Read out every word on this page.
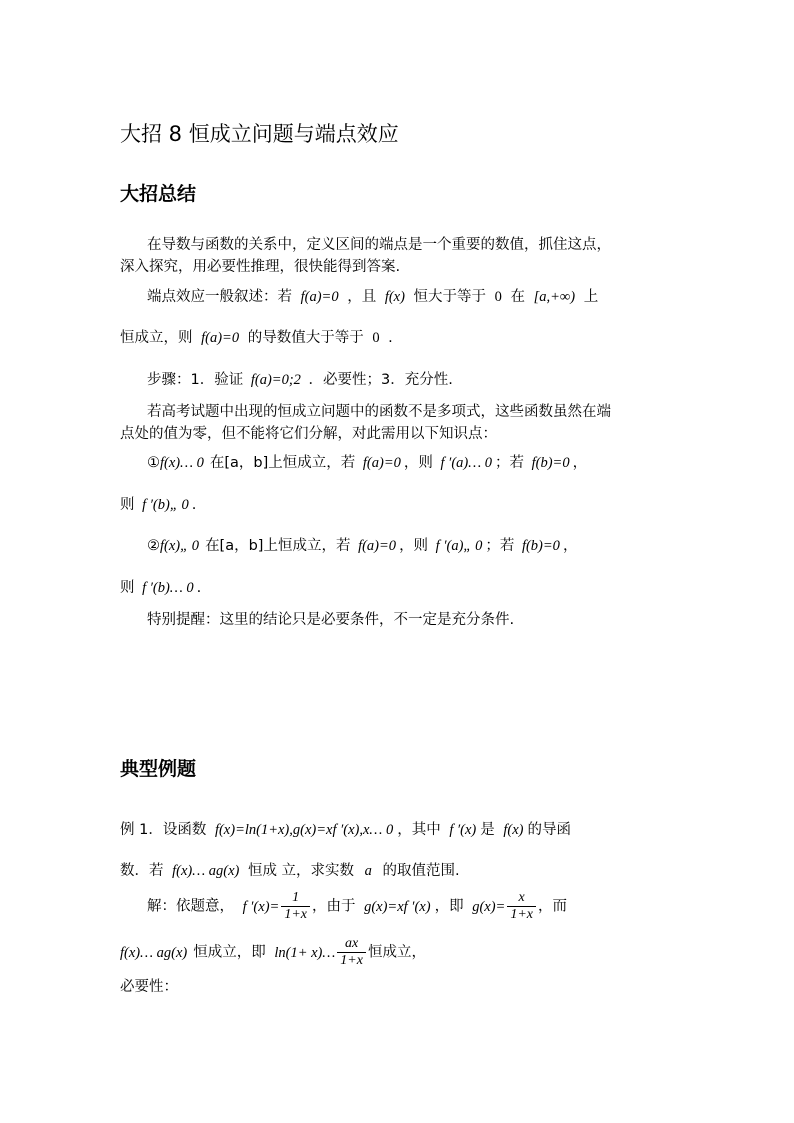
大招 8 恒成立问题与端点效应
大招总结
在导数与函数的关系中，定义区间的端点是一个重要的数值，抓住这点，
深入探究，用必要性推理，很快能得到答案.
端点效应一般叙述：若 f(a)=0 ，且 f(x) 恒大于等于 0 在 [a,+∞) 上
恒成立，则 f(a)=0 的导数值大于等于 0 .
步骤：1．验证 f(a)=0;2 ．必要性；3．充分性.
若高考试题中出现的恒成立问题中的函数不是多项式，这些函数虽然在端
点处的值为零，但不能将它们分解，对此需用以下知识点：
①f(x)… 0 在[a，b]上恒成立，若 f(a)=0 ，则 f ′(a)… 0 ；若 f(b)=0 ，
则 f ′(b)„ 0 .
②f(x)„ 0 在[a，b]上恒成立，若 f(a)=0 ，则 f ′(a)„ 0 ；若 f(b)=0 ，
则 f ′(b)… 0 .
特别提醒：这里的结论只是必要条件，不一定是充分条件.
典型例题
例 1．设函数 f(x)=ln(1+x),g(x)=xf ′(x),x… 0 ，其中 f ′(x) 是 f(x) 的导函
数．若 f(x)… ag(x) 恒成 立，求实数 a 的取值范围.
解：依题意， f $'(x)= \frac{1}{1+x}$ ，由于 g(x)=xf ′(x) ，即 $g(x)= \frac{x}{1+x}$ ，而
f(x)… ag(x) 恒成立，即 ln(1+ x)… $\frac{ax}{1+x}$ 恒成立，
必要性：
